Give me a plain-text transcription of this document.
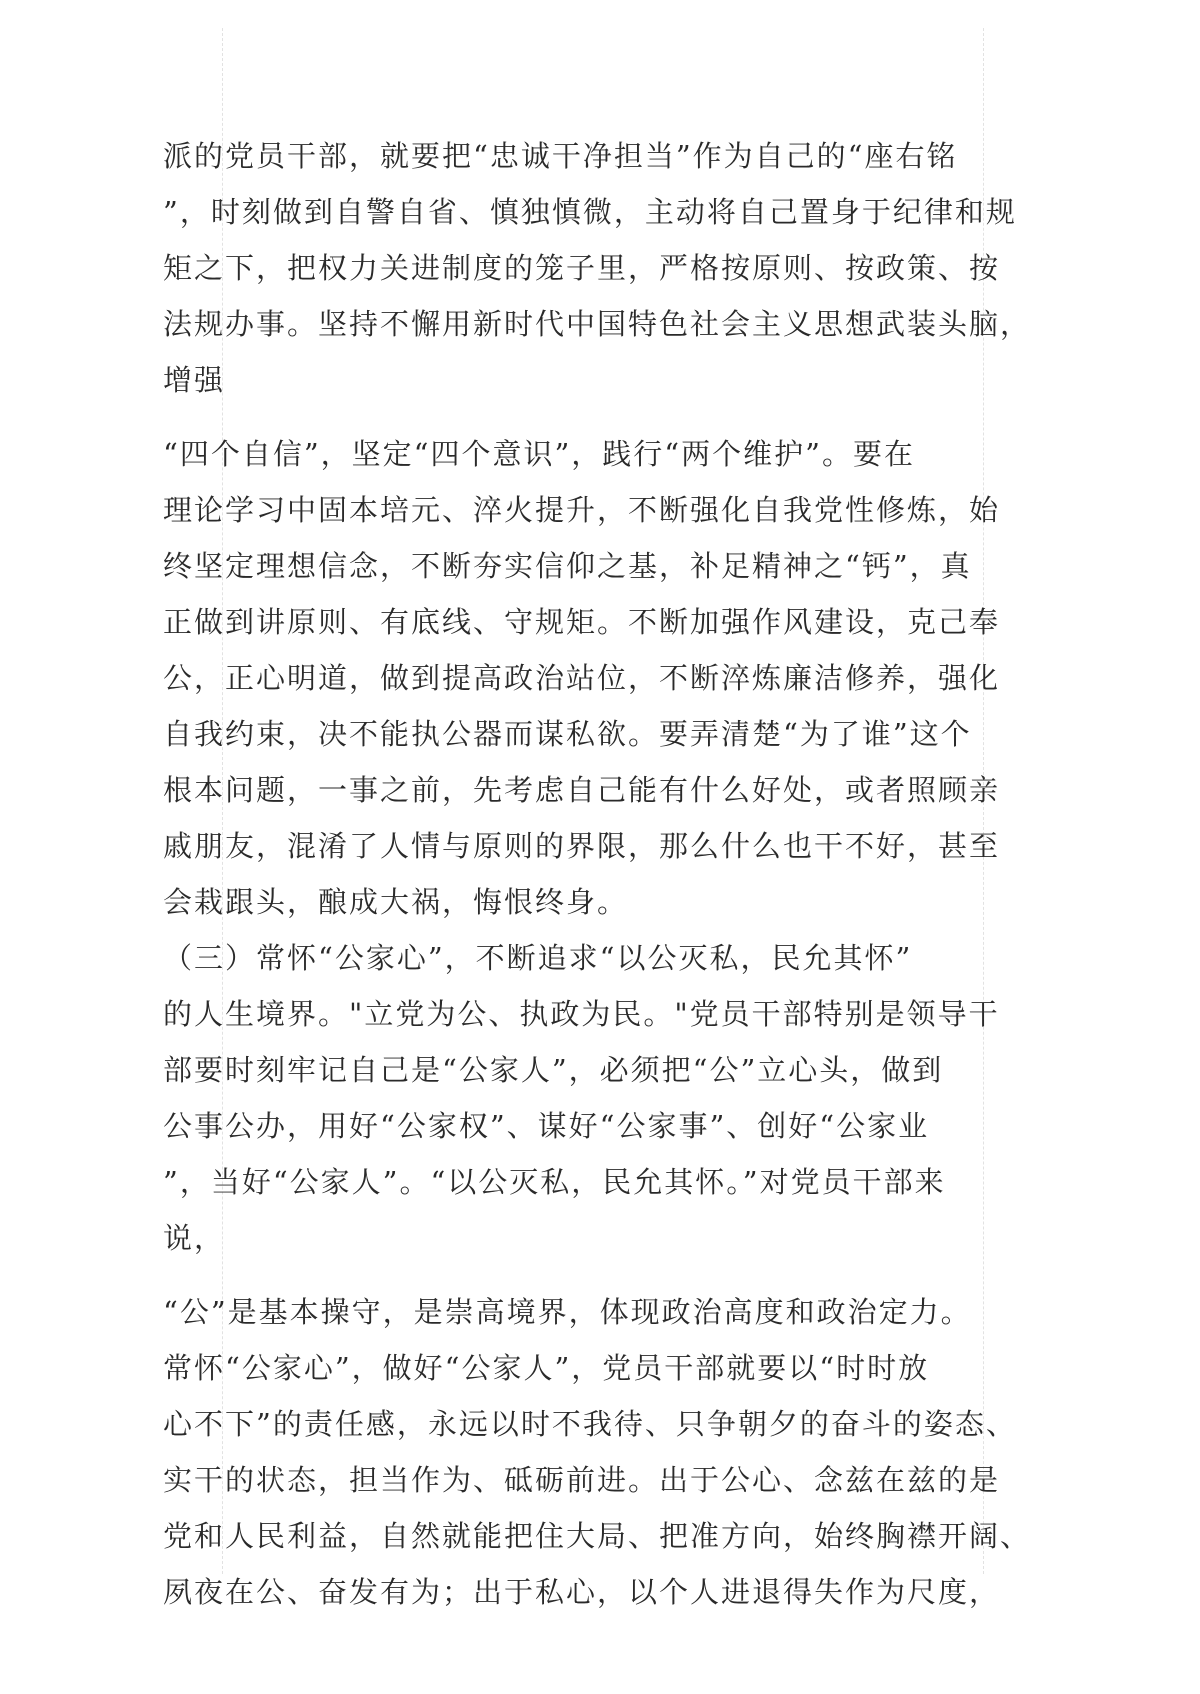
派的党员干部，就要把“忠诚干净担当”作为自己的“座右铭
”，时刻做到自警自省、慎独慎微，主动将自己置身于纪律和规
矩之下，把权力关进制度的笼子里，严格按原则、按政策、按
法规办事。坚持不懈用新时代中国特色社会主义思想武装头脑，
增强
“四个自信”，坚定“四个意识”，践行“两个维护”。要在
理论学习中固本培元、淬火提升，不断强化自我党性修炼，始
终坚定理想信念，不断夯实信仰之基，补足精神之“钙”，真
正做到讲原则、有底线、守规矩。不断加强作风建设，克己奉
公，正心明道，做到提高政治站位，不断淬炼廉洁修养，强化
自我约束，决不能执公器而谋私欲。要弄清楚“为了谁”这个
根本问题，一事之前，先考虑自己能有什么好处，或者照顾亲
戚朋友，混淆了人情与原则的界限，那么什么也干不好，甚至
会栽跟头，酿成大祸，悔恨终身。
（三）常怀“公家心”，不断追求“以公灭私，民允其怀”
的人生境界。"立党为公、执政为民。"党员干部特别是领导干
部要时刻牢记自己是“公家人”，必须把“公”立心头，做到
公事公办，用好“公家权”、谋好“公家事”、创好“公家业
”，当好“公家人”。“以公灭私，民允其怀。”对党员干部来
说，
“公”是基本操守，是崇高境界，体现政治高度和政治定力。
常怀“公家心”，做好“公家人”，党员干部就要以“时时放
心不下”的责任感，永远以时不我待、只争朝夕的奋斗的姿态、
实干的状态，担当作为、砥砺前进。出于公心、念兹在兹的是
党和人民利益，自然就能把住大局、把准方向，始终胸襟开阔、
夙夜在公、奋发有为；出于私心，以个人进退得失作为尺度，
